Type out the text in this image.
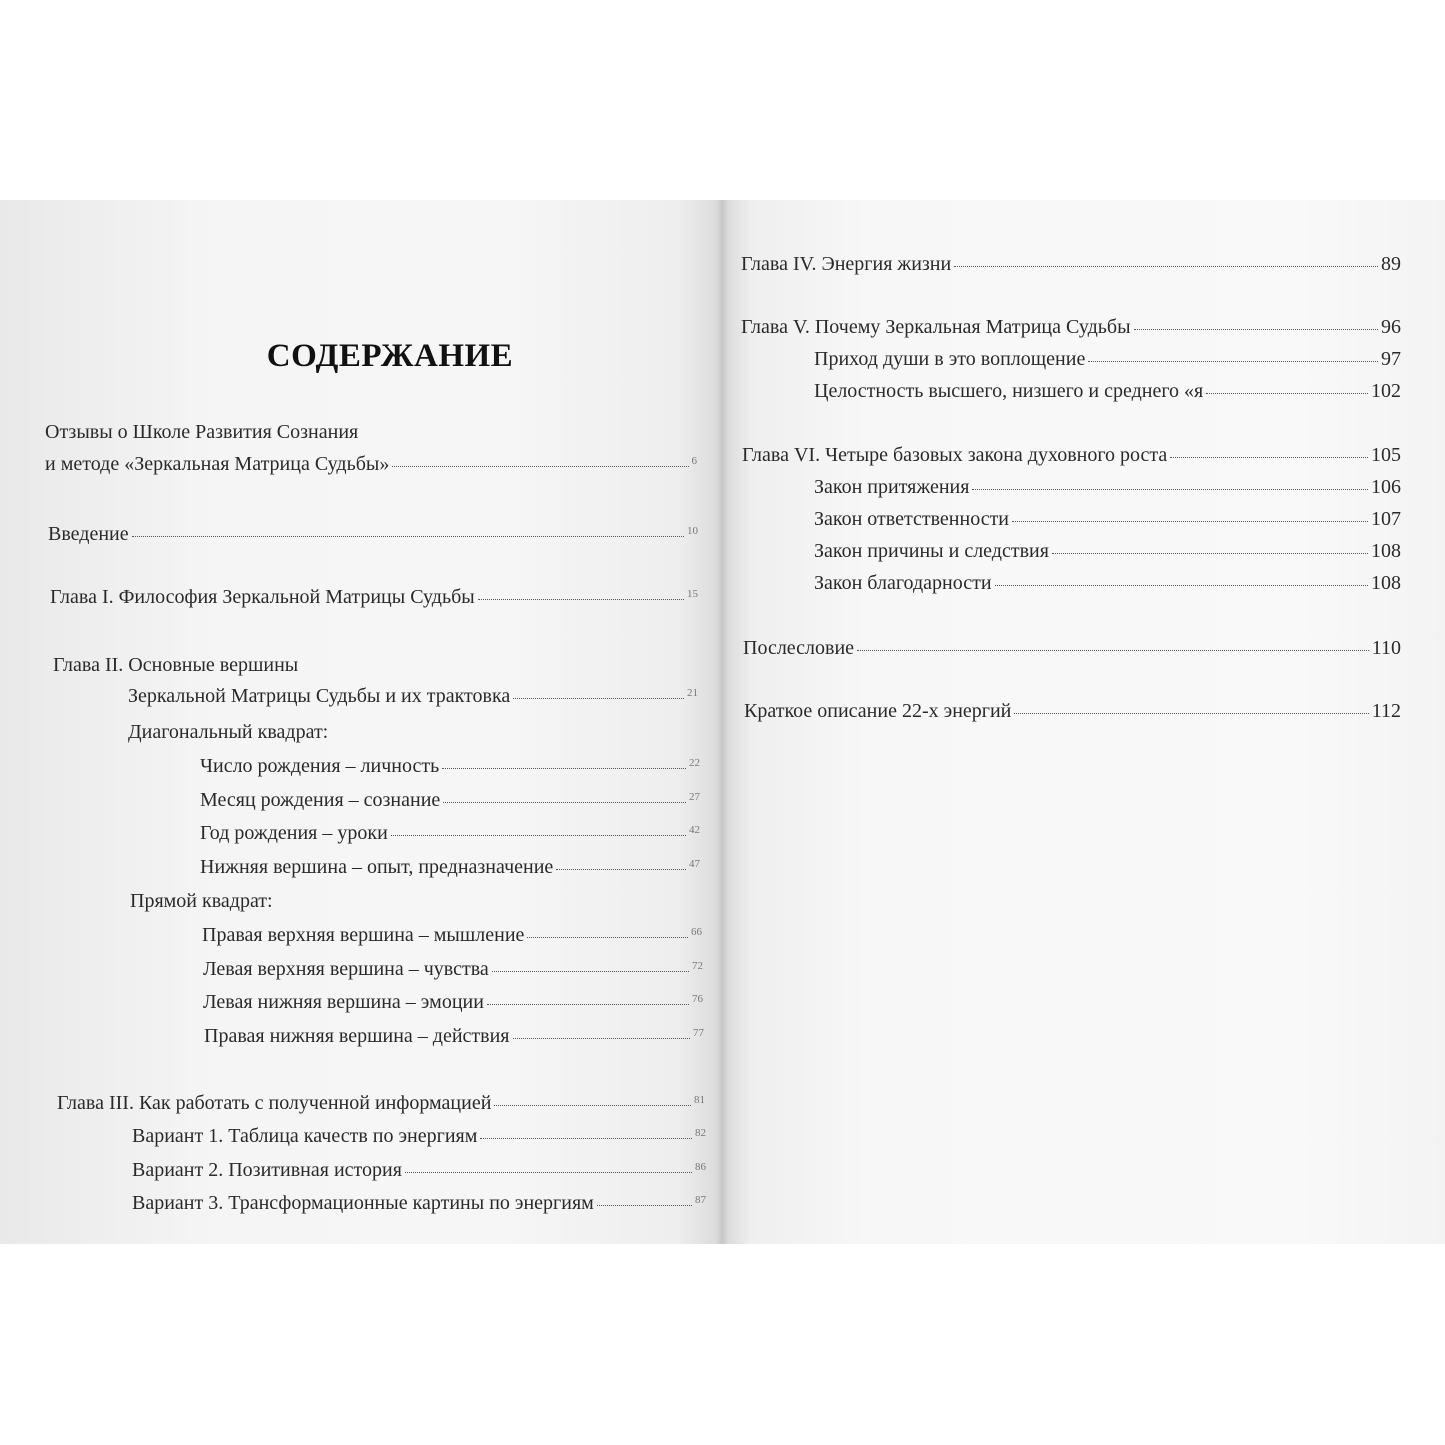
СОДЕРЖАНИЕ
Отзывы о Школе Развития Сознания
и методе «Зеркальная Матрица Судьбы»	6
Введение	10
Глава I. Философия Зеркальной Матрицы Судьбы	15
Глава II. Основные вершины
Зеркальной Матрицы Судьбы и их трактовка	21
Диагональный квадрат:
Число рождения – личность	22
Месяц рождения – сознание	27
Год рождения – уроки	42
Нижняя вершина – опыт, предназначение	47
Прямой квадрат:
Правая верхняя вершина – мышление	66
Левая верхняя вершина – чувства	72
Левая нижняя вершина – эмоции	76
Правая нижняя вершина – действия	77
Глава III. Как работать с полученной информацией	81
Вариант 1. Таблица качеств по энергиям	82
Вариант 2. Позитивная история	86
Вариант 3. Трансформационные картины по энергиям	87
Глава IV. Энергия жизни	89
Глава V. Почему Зеркальная Матрица Судьбы	96
Приход души в это воплощение	97
Целостность высшего, низшего и среднего «я	102
Глава VI. Четыре базовых закона духовного роста	105
Закон притяжения	106
Закон ответственности	107
Закон причины и следствия	108
Закон благодарности	108
Послесловие	110
Краткое описание 22-х энергий	112
